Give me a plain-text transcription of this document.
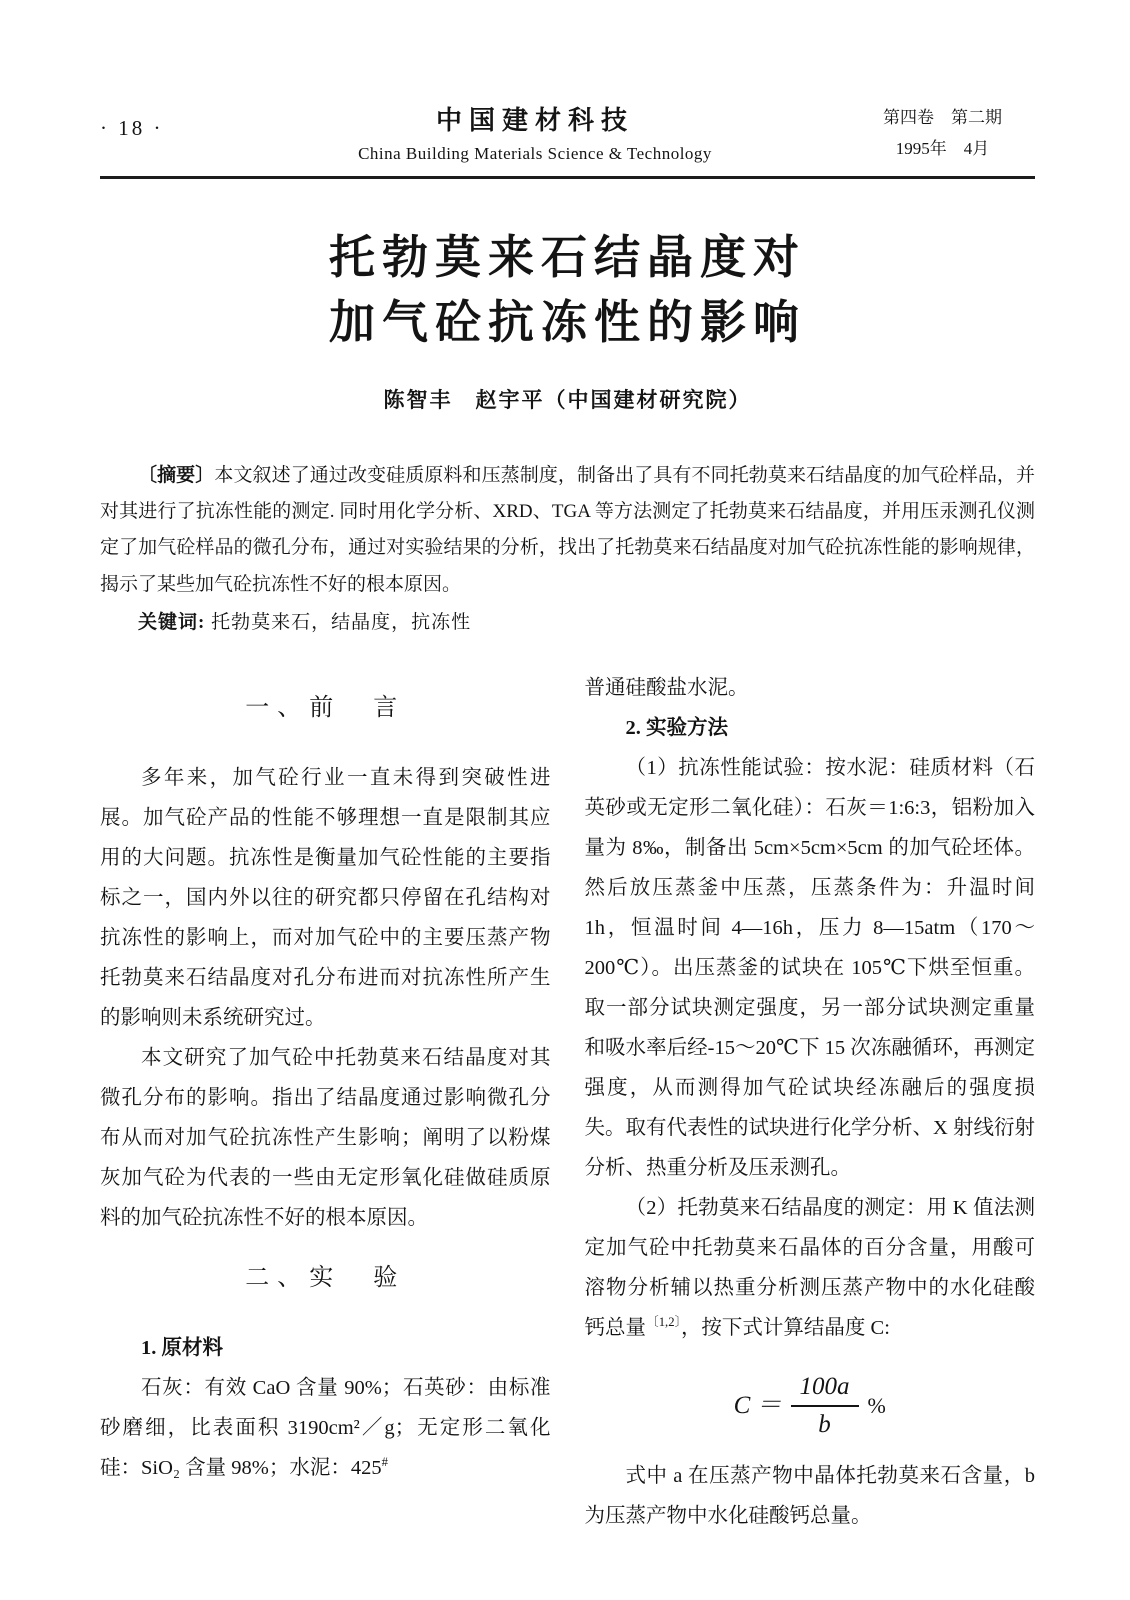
· 18 ·	中国建材科技
China Building Materials Science & Technology
第四卷　第二期
1995年　4月
托勃莫来石结晶度对
加气砼抗冻性的影响
陈智丰　赵宇平（中国建材研究院）

〔摘要〕本文叙述了通过改变硅质原料和压蒸制度，制备出了具有不同托勃莫来石结晶度的加气砼样品，并对其进行了抗冻性能的测定. 同时用化学分析、XRD、TGA 等方法测定了托勃莫来石结晶度，并用压汞测孔仪测定了加气砼样品的微孔分布，通过对实验结果的分析，找出了托勃莫来石结晶度对加气砼抗冻性能的影响规律，揭示了某些加气砼抗冻性不好的根本原因。

关键词: 托勃莫来石，结晶度，抗冻性

一、前　言

多年来，加气砼行业一直未得到突破性进展。加气砼产品的性能不够理想一直是限制其应用的大问题。抗冻性是衡量加气砼性能的主要指标之一，国内外以往的研究都只停留在孔结构对抗冻性的影响上，而对加气砼中的主要压蒸产物托勃莫来石结晶度对孔分布进而对抗冻性所产生的影响则未系统研究过。

本文研究了加气砼中托勃莫来石结晶度对其微孔分布的影响。指出了结晶度通过影响微孔分布从而对加气砼抗冻性产生影响；阐明了以粉煤灰加气砼为代表的一些由无定形氧化硅做硅质原料的加气砼抗冻性不好的根本原因。

二、实　验

1. 原材料

石灰：有效 CaO 含量 90%；石英砂：由标准砂磨细，比表面积 3190cm²／g；无定形二氧化硅：SiO₂ 含量 98%；水泥：425#

普通硅酸盐水泥。

2. 实验方法

（1）抗冻性能试验：按水泥：硅质材料（石英砂或无定形二氧化硅）：石灰＝1:6:3，铝粉加入量为 8‰，制备出 5cm×5cm×5cm 的加气砼坯体。然后放压蒸釜中压蒸，压蒸条件为：升温时间 1h，恒温时间 4—16h，压力 8—15atm（170～200℃）。出压蒸釜的试块在 105℃下烘至恒重。取一部分试块测定强度，另一部分试块测定重量和吸水率后经-15～20℃下 15 次冻融循环，再测定强度，从而测得加气砼试块经冻融后的强度损失。取有代表性的试块进行化学分析、X 射线衍射分析、热重分析及压汞测孔。

（2）托勃莫来石结晶度的测定：用 K 值法测定加气砼中托勃莫来石晶体的百分含量，用酸可溶物分析辅以热重分析测压蒸产物中的水化硅酸钙总量$^{〔1,2〕}$，按下式计算结晶度 C:

$C = \frac{100a}{b}$ %

式中 a 在压蒸产物中晶体托勃莫来石含量，b 为压蒸产物中水化硅酸钙总量。
